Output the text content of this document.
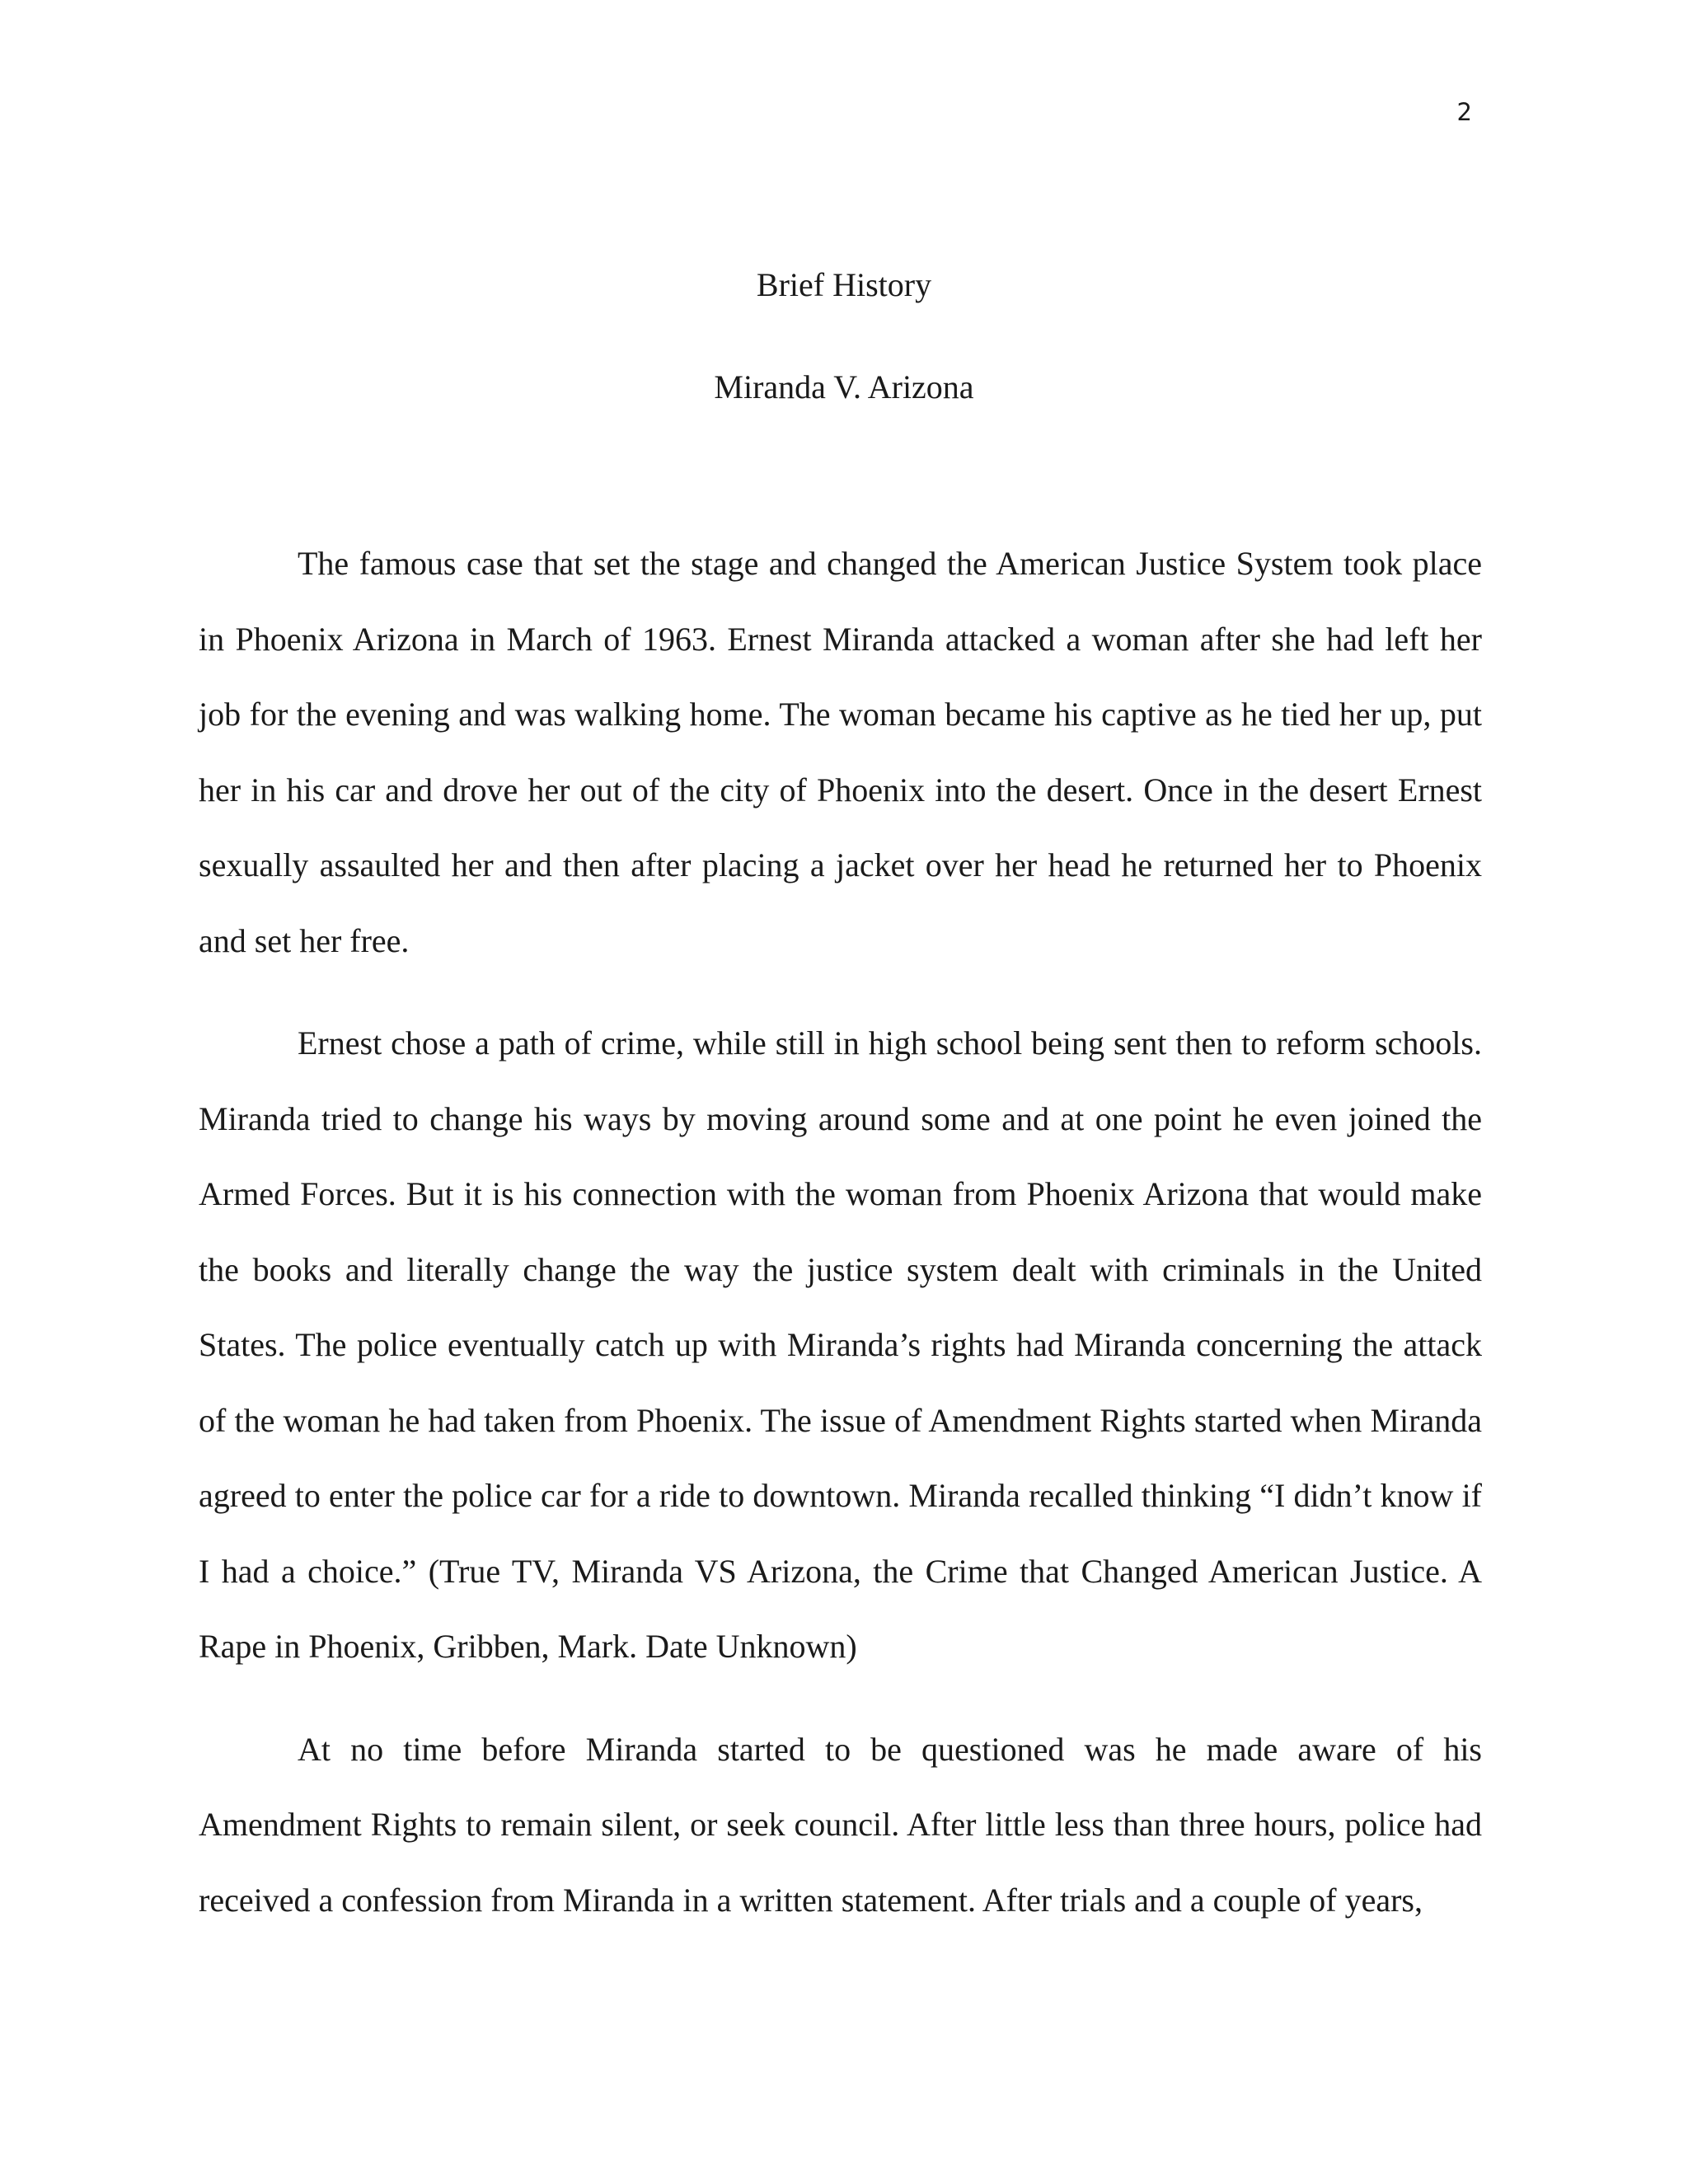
2
Brief History
Miranda V. Arizona

The famous case that set the stage and changed the American Justice System took place in Phoenix Arizona in March of 1963. Ernest Miranda attacked a woman after she had left her job for the evening and was walking home. The woman became his captive as he tied her up, put her in his car and drove her out of the city of Phoenix into the desert. Once in the desert Ernest sexually assaulted her and then after placing a jacket over her head he returned her to Phoenix and set her free.

Ernest chose a path of crime, while still in high school being sent then to reform schools. Miranda tried to change his ways by moving around some and at one point he even joined the Armed Forces. But it is his connection with the woman from Phoenix Arizona that would make the books and literally change the way the justice system dealt with criminals in the United States. The police eventually catch up with Miranda’s rights had Miranda concerning the attack of the woman he had taken from Phoenix. The issue of Amendment Rights started when Miranda agreed to enter the police car for a ride to downtown. Miranda recalled thinking “I didn’t know if I had a choice.” (True TV, Miranda VS Arizona, the Crime that Changed American Justice. A Rape in Phoenix, Gribben, Mark. Date Unknown)

At no time before Miranda started to be questioned was he made aware of his Amendment Rights to remain silent, or seek council. After little less than three hours, police had received a confession from Miranda in a written statement. After trials and a couple of years,
